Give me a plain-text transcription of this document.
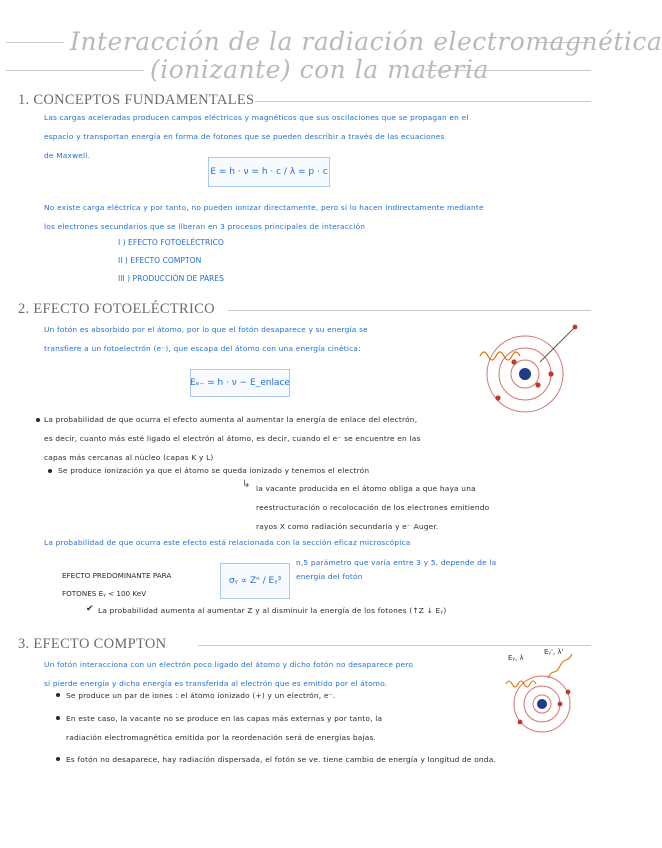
Interacción de la radiación electromagnética
(ionizante) con la materia
1. CONCEPTOS FUNDAMENTALES
Las cargas aceleradas producen campos eléctricos y magnéticos que sus oscilaciones que se propagan en el
espacio y transportan energía en forma de fotones que se pueden describir a través de las ecuaciones
de Maxwell.
E = h · ν = h · c / λ = p · c
No existe carga eléctrica y por tanto, no pueden ionizar directamente, pero sí lo hacen indirectamente mediante
los electrones secundarios que se liberan en 3 procesos principales de interacción
I ) EFECTO FOTOELÉCTRICO
II ) EFECTO COMPTON
III ) PRODUCCIÓN DE PARES
2. EFECTO FOTOELÉCTRICO
Un fotón es absorbido por el átomo, por lo que el fotón desaparece y su energía se
transfiere a un fotoelectrón (e⁻), que escapa del átomo con una energía cinética:
Eₑ₋ = h · ν − E_enlace
La probabilidad de que ocurra el efecto aumenta al aumentar la energía de enlace del electrón,
es decir, cuanto más esté ligado el electrón al átomo, es decir, cuando el e⁻ se encuentre en las
capas más cercanas al núcleo (capas K y L)
Se produce ionización ya que el átomo se queda ionizado y tenemos el electrón
↳ la vacante producida en el átomo obliga a que haya una
reestructuración o recolocación de los electrones emitiendo
rayos X como radiación secundaria y e⁻ Auger.
La probabilidad de que ocurra este efecto está relacionada con la sección eficaz microscópica
EFECTO PREDOMINANTE PARA
FOTONES Eᵧ < 100 KeV
σᵧ ∝ Zⁿ / Eᵧ³
n,5 parámetro que varía entre 3 y 5, depende de la
energía del fotón
✔ La probabilidad aumenta al aumentar Z y al disminuir la energía de los fotones (↑Z ↓ Eᵧ)
3. EFECTO COMPTON
Un fotón interacciona con un electrón poco ligado del átomo y dicho fotón no desaparece pero
sí pierde energía y dicha energía es transferida al electrón que es emitido por el átomo.
Eᵧ, λ
Eᵧ', λ'
Se produce un par de iones : el átomo ionizado (+) y un electrón, e⁻.
En este caso, la vacante no se produce en las capas más externas y por tanto, la
radiación electromagnética emitida por la reordenación será de energías bajas.
Es fotón no desaparece, hay radiación dispersada, el fotón se ve. tiene cambio de energía y longitud de onda.
